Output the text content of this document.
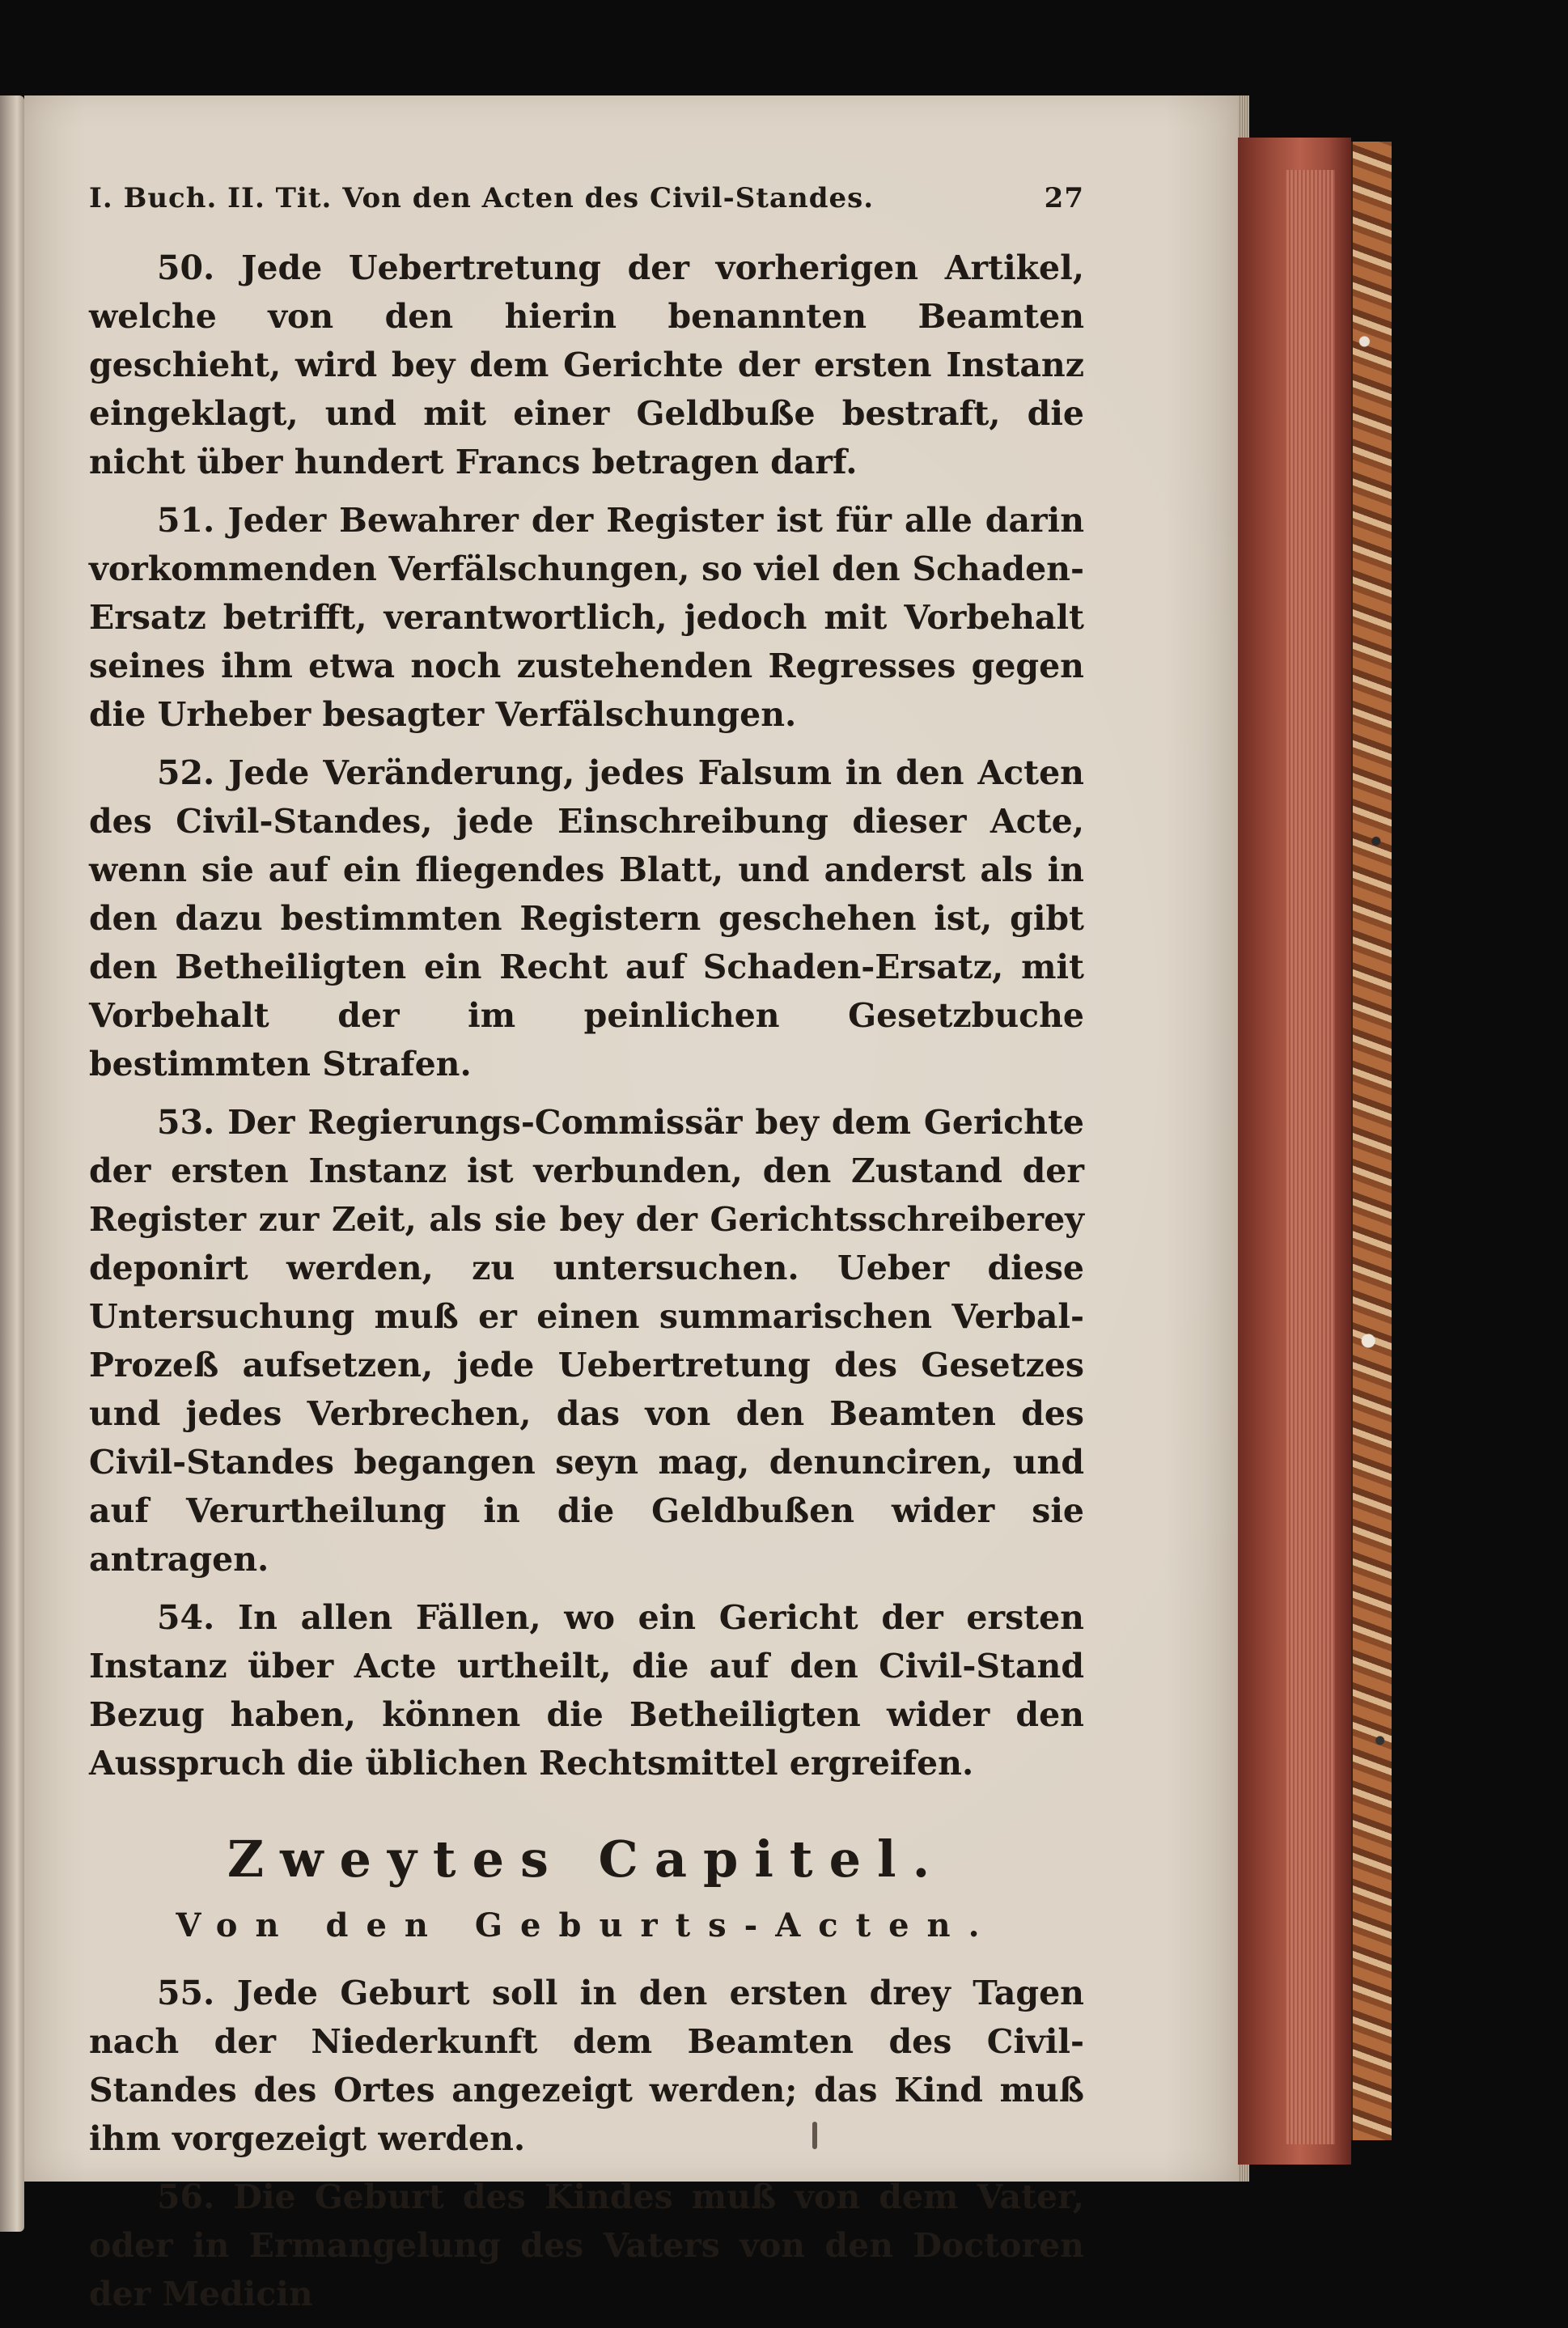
I. Buch. II. Tit. Von den Acten des Civil-Standes.	27

50. Jede Uebertretung der vorherigen Artikel, welche von den hierin benannten Beamten geschieht, wird bey dem Gerichte der ersten Instanz eingeklagt, und mit einer Geldbuße bestraft, die nicht über hundert Francs betragen darf.

51. Jeder Bewahrer der Register ist für alle darin vorkommenden Verfälschungen, so viel den Schaden-Ersatz betrifft, verantwortlich, jedoch mit Vorbehalt seines ihm etwa noch zustehenden Regresses gegen die Urheber besagter Verfälschungen.

52. Jede Veränderung, jedes Falsum in den Acten des Civil-Standes, jede Einschreibung dieser Acte, wenn sie auf ein fliegendes Blatt, und anderst als in den dazu bestimmten Registern geschehen ist, gibt den Betheiligten ein Recht auf Schaden-Ersatz, mit Vorbehalt der im peinlichen Gesetzbuche bestimmten Strafen.

53. Der Regierungs-Commissär bey dem Gerichte der ersten Instanz ist verbunden, den Zustand der Register zur Zeit, als sie bey der Gerichtsschreiberey deponirt werden, zu untersuchen. Ueber diese Untersuchung muß er einen summarischen Verbal-Prozeß aufsetzen, jede Uebertretung des Gesetzes und jedes Verbrechen, das von den Beamten des Civil-Standes begangen seyn mag, denunciren, und auf Verurtheilung in die Geldbußen wider sie antragen.

54. In allen Fällen, wo ein Gericht der ersten Instanz über Acte urtheilt, die auf den Civil-Stand Bezug haben, können die Betheiligten wider den Ausspruch die üblichen Rechtsmittel ergreifen.

Zweytes Capitel.
Von den Geburts-Acten.

55. Jede Geburt soll in den ersten drey Tagen nach der Niederkunft dem Beamten des Civil-Standes des Ortes angezeigt werden; das Kind muß ihm vorgezeigt werden.

56. Die Geburt des Kindes muß von dem Vater, oder in Ermangelung des Vaters von den Doctoren der Medicin
